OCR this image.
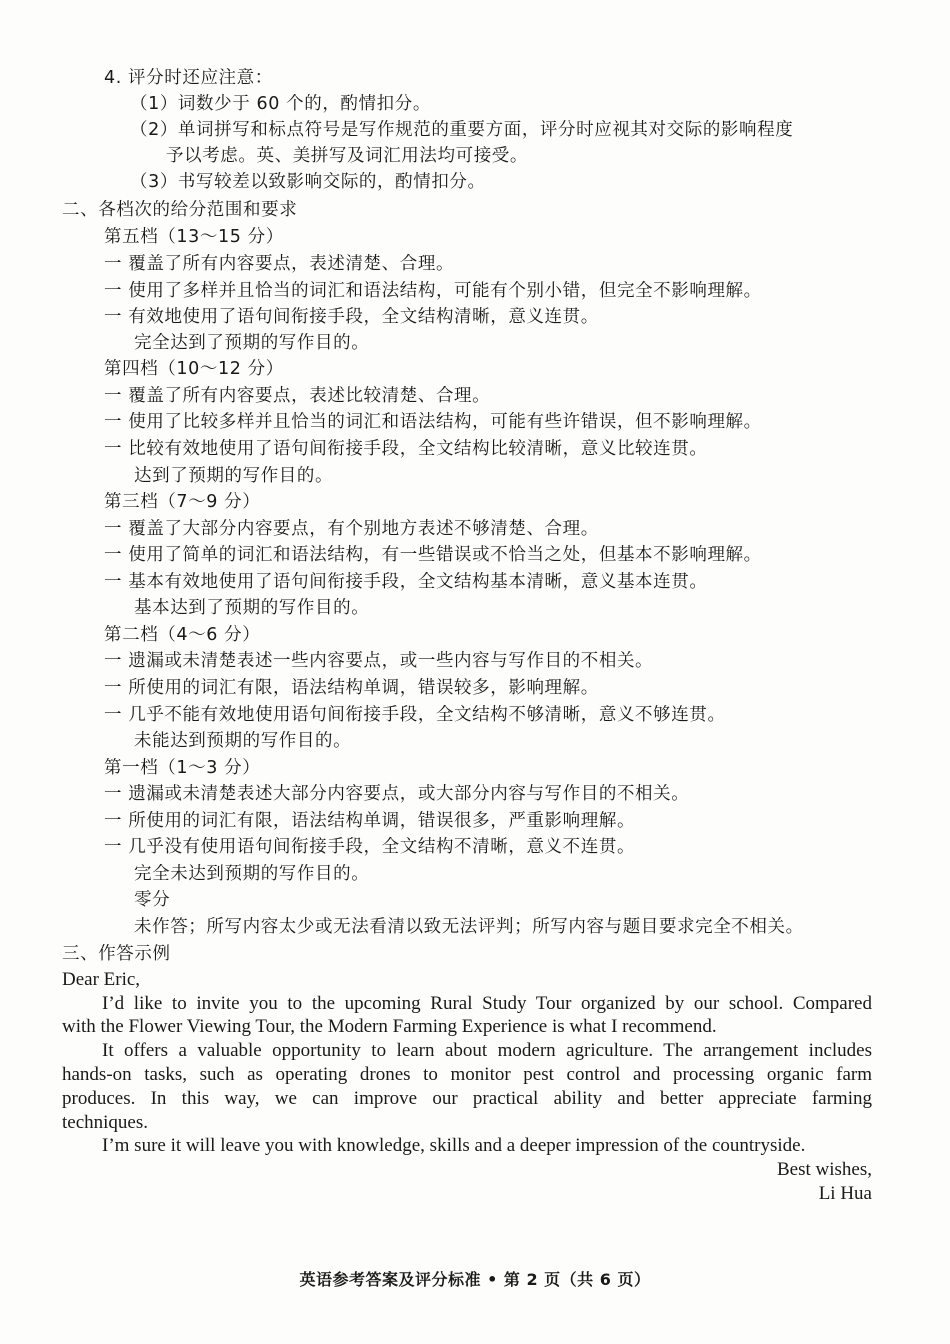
4. 评分时还应注意：
（1）词数少于 60 个的，酌情扣分。
（2）单词拼写和标点符号是写作规范的重要方面，评分时应视其对交际的影响程度
予以考虑。英、美拼写及词汇用法均可接受。
（3）书写较差以致影响交际的，酌情扣分。
二、各档次的给分范围和要求
第五档（13～15 分）
一 覆盖了所有内容要点，表述清楚、合理。
一 使用了多样并且恰当的词汇和语法结构，可能有个别小错，但完全不影响理解。
一 有效地使用了语句间衔接手段，全文结构清晰，意义连贯。
完全达到了预期的写作目的。
第四档（10～12 分）
一 覆盖了所有内容要点，表述比较清楚、合理。
一 使用了比较多样并且恰当的词汇和语法结构，可能有些许错误，但不影响理解。
一 比较有效地使用了语句间衔接手段，全文结构比较清晰，意义比较连贯。
达到了预期的写作目的。
第三档（7～9 分）
一 覆盖了大部分内容要点，有个别地方表述不够清楚、合理。
一 使用了简单的词汇和语法结构，有一些错误或不恰当之处，但基本不影响理解。
一 基本有效地使用了语句间衔接手段，全文结构基本清晰，意义基本连贯。
基本达到了预期的写作目的。
第二档（4～6 分）
一 遗漏或未清楚表述一些内容要点，或一些内容与写作目的不相关。
一 所使用的词汇有限，语法结构单调，错误较多，影响理解。
一 几乎不能有效地使用语句间衔接手段，全文结构不够清晰，意义不够连贯。
未能达到预期的写作目的。
第一档（1～3 分）
一 遗漏或未清楚表述大部分内容要点，或大部分内容与写作目的不相关。
一 所使用的词汇有限，语法结构单调，错误很多，严重影响理解。
一 几乎没有使用语句间衔接手段，全文结构不清晰，意义不连贯。
完全未达到预期的写作目的。
零分
未作答；所写内容太少或无法看清以致无法评判；所写内容与题目要求完全不相关。
三、作答示例
Dear Eric,
I’d like to invite you to the upcoming Rural Study Tour organized by our school. Compared
with the Flower Viewing Tour, the Modern Farming Experience is what I recommend.
It offers a valuable opportunity to learn about modern agriculture. The arrangement includes
hands-on tasks, such as operating drones to monitor pest control and processing organic farm
produces. In this way, we can improve our practical ability and better appreciate farming
techniques.
I’m sure it will leave you with knowledge, skills and a deeper impression of the countryside.
Best wishes,
Li Hua
英语参考答案及评分标准 • 第 2 页（共 6 页）
